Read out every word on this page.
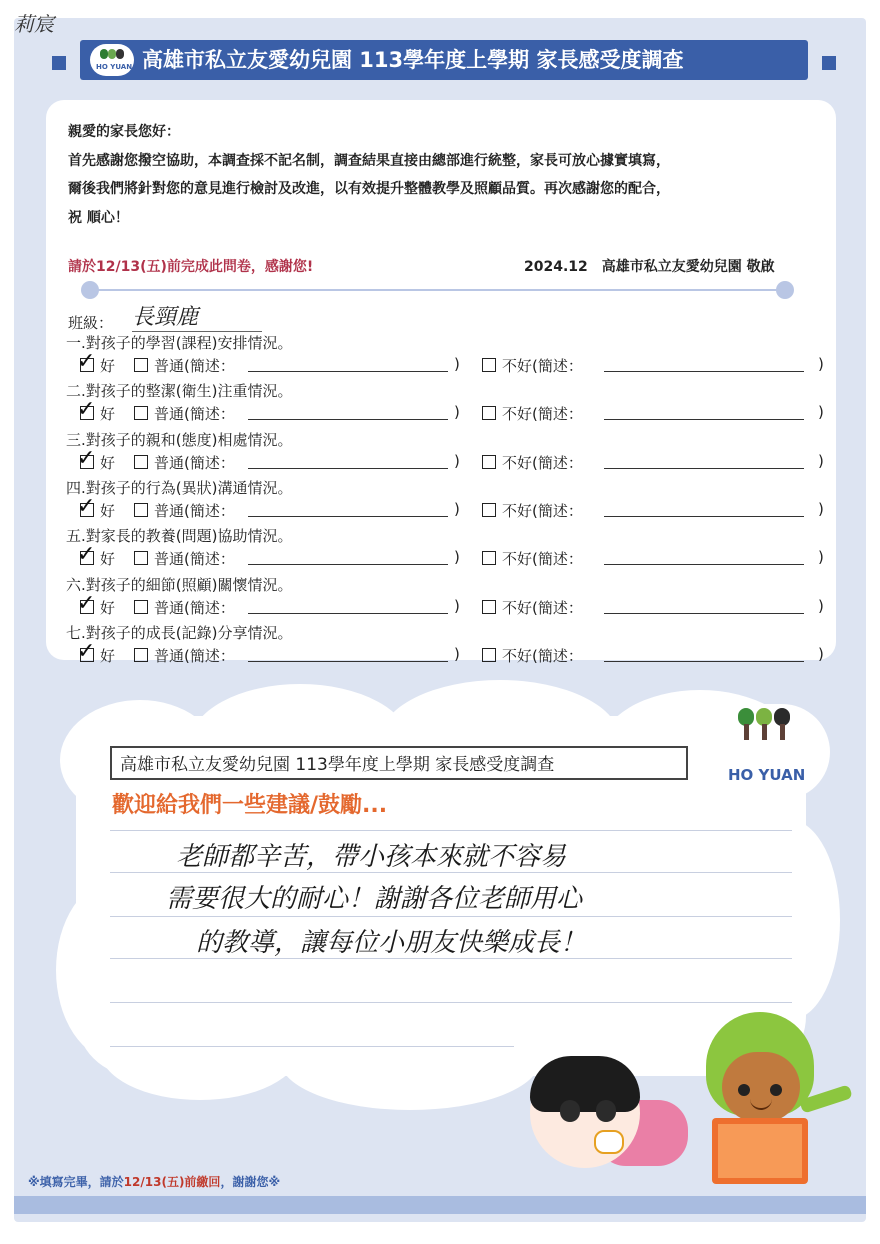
莉宸
HO YUAN 高雄市私立友愛幼兒園 113學年度上學期 家長感受度調查
親愛的家長您好：
首先感謝您撥空協助，本調查採不記名制，調查結果直接由總部進行統整，家長可放心據實填寫，
爾後我們將針對您的意見進行檢討及改進，以有效提升整體教學及照顧品質。再次感謝您的配合，
祝 順心！
請於12/13(五)前完成此問卷，感謝您!	2024.12　高雄市私立友愛幼兒園 敬啟
班級： 長頸鹿
一.對孩子的學習(課程)安排情況。
✓ 好	普通(簡述：	)	不好(簡述：	)
二.對孩子的整潔(衛生)注重情況。
✓ 好	普通(簡述：	)	不好(簡述：	)
三.對孩子的親和(態度)相處情況。
✓ 好	普通(簡述：	)	不好(簡述：	)
四.對孩子的行為(異狀)溝通情況。
✓ 好	普通(簡述：	)	不好(簡述：	)
五.對家長的教養(問題)協助情況。
✓ 好	普通(簡述：	)	不好(簡述：	)
六.對孩子的細節(照顧)關懷情況。
✓ 好	普通(簡述：	)	不好(簡述：	)
七.對孩子的成長(記錄)分享情況。
✓ 好	普通(簡述：	)	不好(簡述：	)
高雄市私立友愛幼兒園 113學年度上學期 家長感受度調查
歡迎給我們一些建議/鼓勵...
老師都辛苦，帶小孩本來就不容易
需要很大的耐心！謝謝各位老師用心
的教導，讓每位小朋友快樂成長！
HO YUAN
※填寫完畢，請於12/13(五)前繳回，謝謝您※
